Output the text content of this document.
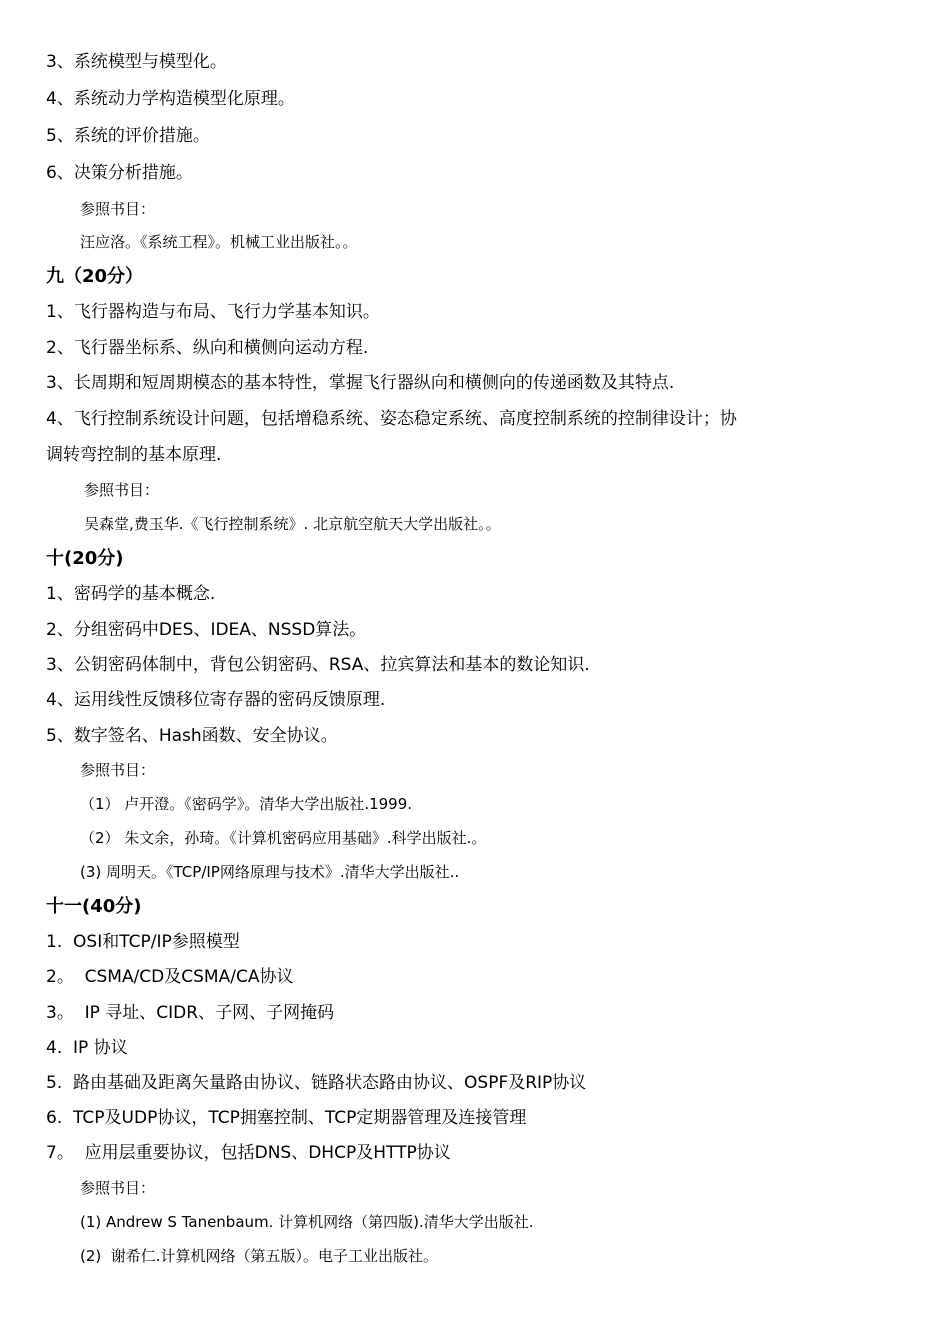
3、系统模型与模型化。
4、系统动力学构造模型化原理。
5、系统的评价措施。
6、决策分析措施。
参照书目：
汪应洛。《系统工程》。机械工业出版社。。
九（20分）
1、飞行器构造与布局、飞行力学基本知识。
2、飞行器坐标系、纵向和横侧向运动方程.
3、长周期和短周期模态的基本特性，掌握飞行器纵向和横侧向的传递函数及其特点.
4、飞行控制系统设计问题，包括增稳系统、姿态稳定系统、高度控制系统的控制律设计；协
调转弯控制的基本原理.
参照书目：
吴森堂,费玉华.《飞行控制系统》. 北京航空航天大学出版社。。
十(20分)
1、密码学的基本概念.
2、分组密码中DES、IDEA、NSSD算法。
3、公钥密码体制中，背包公钥密码、RSA、拉宾算法和基本的数论知识.
4、运用线性反馈移位寄存器的密码反馈原理.
5、数字签名、Hash函数、安全协议。
参照书目：
（1） 卢开澄。《密码学》。清华大学出版社.1999.
（2） 朱文余，孙琦。《计算机密码应用基础》.科学出版社.。
(3) 周明天。《TCP/IP网络原理与技术》.清华大学出版社..
十一(40分)
1.  OSI和TCP/IP参照模型
2。  CSMA/CD及CSMA/CA协议
3。  IP 寻址、CIDR、子网、子网掩码
4.  IP 协议
5.  路由基础及距离矢量路由协议、链路状态路由协议、OSPF及RIP协议
6.  TCP及UDP协议，TCP拥塞控制、TCP定期器管理及连接管理
7。  应用层重要协议，包括DNS、DHCP及HTTP协议
参照书目：
(1) Andrew S Tanenbaum. 计算机网络（第四版).清华大学出版社.
(2)  谢希仁.计算机网络（第五版）。电子工业出版社。
